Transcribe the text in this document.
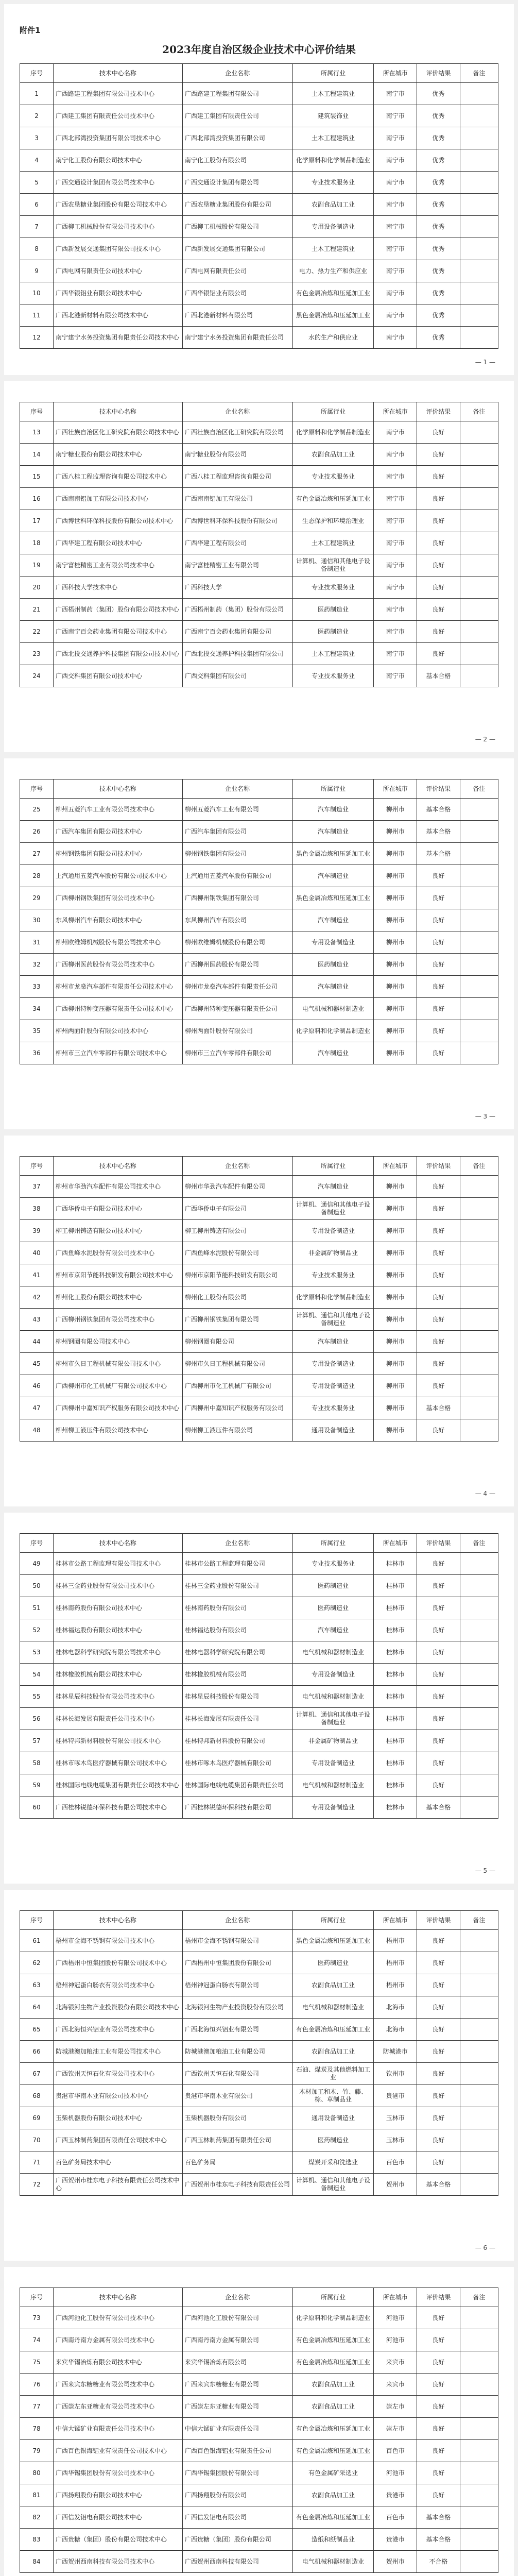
附件1
2023年度自治区级企业技术中心评价结果
序号	技术中心名称	企业名称	所属行业	所在城市	评价结果	备注
1	广西路建工程集团有限公司技术中心	广西路建工程集团有限公司	土木工程建筑业	南宁市	优秀	
2	广西建工集团有限责任公司技术中心	广西建工集团有限责任公司	建筑装饰业	南宁市	优秀	
3	广西北部湾投资集团有限公司技术中心	广西北部湾投资集团有限公司	土木工程建筑业	南宁市	优秀	
4	南宁化工股份有限公司技术中心	南宁化工股份有限公司	化学原料和化学制品制造业	南宁市	优秀	
5	广西交通设计集团有限公司技术中心	广西交通设计集团有限公司	专业技术服务业	南宁市	优秀	
6	广西农垦糖业集团股份有限公司技术中心	广西农垦糖业集团股份有限公司	农副食品加工业	南宁市	优秀	
7	广西柳工机械股份有限公司技术中心	广西柳工机械股份有限公司	专用设备制造业	南宁市	优秀	
8	广西新发展交通集团有限公司技术中心	广西新发展交通集团有限公司	土木工程建筑业	南宁市	优秀	
9	广西电网有限责任公司技术中心	广西电网有限责任公司	电力、热力生产和供应业	南宁市	优秀	
10	广西华银铝业有限公司技术中心	广西华银铝业有限公司	有色金属冶炼和压延加工业	南宁市	优秀	
11	广西北港新材料有限公司技术中心	广西北港新材料有限公司	黑色金属冶炼和压延加工业	南宁市	优秀	
12	南宁建宁水务投资集团有限责任公司技术中心	南宁建宁水务投资集团有限责任公司	水的生产和供应业	南宁市	优秀	
— 1 —
序号	技术中心名称	企业名称	所属行业	所在城市	评价结果	备注
13	广西壮族自治区化工研究院有限公司技术中心	广西壮族自治区化工研究院有限公司	化学原料和化学制品制造业	南宁市	良好	
14	南宁糖业股份有限公司技术中心	南宁糖业股份有限公司	农副食品加工业	南宁市	良好	
15	广西八桂工程监理咨询有限公司技术中心	广西八桂工程监理咨询有限公司	专业技术服务业	南宁市	良好	
16	广西南南铝加工有限公司技术中心	广西南南铝加工有限公司	有色金属冶炼和压延加工业	南宁市	良好	
17	广西博世科环保科技股份有限公司技术中心	广西博世科环保科技股份有限公司	生态保护和环境治理业	南宁市	良好	
18	广西华建工程有限公司技术中心	广西华建工程有限公司	土木工程建筑业	南宁市	良好	
19	南宁富桂精密工业有限公司技术中心	南宁富桂精密工业有限公司	计算机、通信和其他电子设备制造业	南宁市	良好	
20	广西科技大学技术中心	广西科技大学	专业技术服务业	南宁市	良好	
21	广西梧州制药（集团）股份有限公司技术中心	广西梧州制药（集团）股份有限公司	医药制造业	南宁市	良好	
22	广西南宁百会药业集团有限公司技术中心	广西南宁百会药业集团有限公司	医药制造业	南宁市	良好	
23	广西北投交通养护科技集团有限公司技术中心	广西北投交通养护科技集团有限公司	土木工程建筑业	南宁市	良好	
24	广西交科集团有限公司技术中心	广西交科集团有限公司	专业技术服务业	南宁市	基本合格	
— 2 —
序号	技术中心名称	企业名称	所属行业	所在城市	评价结果	备注
25	柳州五菱汽车工业有限公司技术中心	柳州五菱汽车工业有限公司	汽车制造业	柳州市	基本合格	
26	广西汽车集团有限公司技术中心	广西汽车集团有限公司	汽车制造业	柳州市	基本合格	
27	柳州钢铁集团有限公司技术中心	柳州钢铁集团有限公司	黑色金属冶炼和压延加工业	柳州市	基本合格	
28	上汽通用五菱汽车股份有限公司技术中心	上汽通用五菱汽车股份有限公司	汽车制造业	柳州市	良好	
29	广西柳州钢铁集团有限公司技术中心	广西柳州钢铁集团有限公司	黑色金属冶炼和压延加工业	柳州市	良好	
30	东风柳州汽车有限公司技术中心	东风柳州汽车有限公司	汽车制造业	柳州市	良好	
31	柳州欧维姆机械股份有限公司技术中心	柳州欧维姆机械股份有限公司	专用设备制造业	柳州市	良好	
32	广西柳州医药股份有限公司技术中心	广西柳州医药股份有限公司	医药制造业	柳州市	良好	
33	柳州市龙燊汽车部件有限责任公司技术中心	柳州市龙燊汽车部件有限责任公司	汽车制造业	柳州市	良好	
34	广西柳州特种变压器有限责任公司技术中心	广西柳州特种变压器有限责任公司	电气机械和器材制造业	柳州市	良好	
35	柳州两面针股份有限公司技术中心	柳州两面针股份有限公司	化学原料和化学制品制造业	柳州市	良好	
36	柳州市三立汽车零部件有限公司技术中心	柳州市三立汽车零部件有限公司	汽车制造业	柳州市	良好	
— 3 —
序号	技术中心名称	企业名称	所属行业	所在城市	评价结果	备注
37	柳州市华劲汽车配件有限公司技术中心	柳州市华劲汽车配件有限公司	汽车制造业	柳州市	良好	
38	广西华侨电子有限公司技术中心	广西华侨电子有限公司	计算机、通信和其他电子设备制造业	柳州市	良好	
39	柳工柳州铸造有限公司技术中心	柳工柳州铸造有限公司	专用设备制造业	柳州市	良好	
40	广西鱼峰水泥股份有限公司技术中心	广西鱼峰水泥股份有限公司	非金属矿物制品业	柳州市	良好	
41	柳州市京阳节能科技研发有限公司技术中心	柳州市京阳节能科技研发有限公司	专业技术服务业	柳州市	良好	
42	柳州化工股份有限公司技术中心	柳州化工股份有限公司	化学原料和化学制品制造业	柳州市	良好	
43	广西柳州钢铁集团有限公司技术中心	广西柳州钢铁集团有限公司	计算机、通信和其他电子设备制造业	柳州市	良好	
44	柳州钢圈有限公司技术中心	柳州钢圈有限公司	汽车制造业	柳州市	良好	
45	柳州市久日工程机械有限公司技术中心	柳州市久日工程机械有限公司	专用设备制造业	柳州市	良好	
46	广西柳州市化工机械厂有限公司技术中心	广西柳州市化工机械厂有限公司	专用设备制造业	柳州市	良好	
47	广西柳州中嘉知识产权服务有限公司技术中心	广西柳州中嘉知识产权服务有限公司	专业技术服务业	柳州市	基本合格	
48	柳州柳工液压件有限公司技术中心	柳州柳工液压件有限公司	通用设备制造业	柳州市	良好	
— 4 —
序号	技术中心名称	企业名称	所属行业	所在城市	评价结果	备注
49	桂林市公路工程监理有限公司技术中心	桂林市公路工程监理有限公司	专业技术服务业	桂林市	良好	
50	桂林三金药业股份有限公司技术中心	桂林三金药业股份有限公司	医药制造业	桂林市	良好	
51	桂林南药股份有限公司技术中心	桂林南药股份有限公司	医药制造业	桂林市	良好	
52	桂林福达股份有限公司技术中心	桂林福达股份有限公司	汽车制造业	桂林市	良好	
53	桂林电器科学研究院有限公司技术中心	桂林电器科学研究院有限公司	电气机械和器材制造业	桂林市	良好	
54	桂林橡胶机械有限公司技术中心	桂林橡胶机械有限公司	专用设备制造业	桂林市	良好	
55	桂林星辰科技股份有限公司技术中心	桂林星辰科技股份有限公司	电气机械和器材制造业	桂林市	良好	
56	桂林长海发展有限责任公司技术中心	桂林长海发展有限责任公司	计算机、通信和其他电子设备制造业	桂林市	良好	
57	桂林特邦新材料股份有限公司技术中心	桂林特邦新材料股份有限公司	非金属矿物制品业	桂林市	良好	
58	桂林市啄木鸟医疗器械有限公司技术中心	桂林市啄木鸟医疗器械有限公司	专用设备制造业	桂林市	良好	
59	桂林国际电线电缆集团有限责任公司技术中心	桂林国际电线电缆集团有限责任公司	电气机械和器材制造业	桂林市	良好	
60	广西桂林锐德环保科技有限公司技术中心	广西桂林锐德环保科技有限公司	专用设备制造业	桂林市	基本合格	
— 5 —
序号	技术中心名称	企业名称	所属行业	所在城市	评价结果	备注
61	梧州市金海不锈钢有限公司技术中心	梧州市金海不锈钢有限公司	黑色金属冶炼和压延加工业	梧州市	良好	
62	广西梧州中恒集团股份有限公司技术中心	广西梧州中恒集团股份有限公司	医药制造业	梧州市	良好	
63	梧州神冠蛋白肠衣有限公司技术中心	梧州神冠蛋白肠衣有限公司	农副食品加工业	梧州市	良好	
64	北海银河生物产业投资股份有限公司技术中心	北海银河生物产业投资股份有限公司	电气机械和器材制造业	北海市	良好	
65	广西北海恒兴铝业有限公司技术中心	广西北海恒兴铝业有限公司	有色金属冶炼和压延加工业	北海市	良好	
66	防城港澳加粮油工业有限公司技术中心	防城港澳加粮油工业有限公司	农副食品加工业	防城港市	良好	
67	广西钦州天恒石化有限公司技术中心	广西钦州天恒石化有限公司	石油、煤炭及其他燃料加工业	钦州市	良好	
68	贵港市华南木业有限公司技术中心	贵港市华南木业有限公司	木材加工和木、竹、藤、棕、草制品业	贵港市	良好	
69	玉柴机器股份有限公司技术中心	玉柴机器股份有限公司	通用设备制造业	玉林市	良好	
70	广西玉林制药集团有限责任公司技术中心	广西玉林制药集团有限责任公司	医药制造业	玉林市	良好	
71	百色矿务局技术中心	百色矿务局	煤炭开采和洗选业	百色市	良好	
72	广西贺州市桂东电子科技有限责任公司技术中心	广西贺州市桂东电子科技有限责任公司	计算机、通信和其他电子设备制造业	贺州市	基本合格	
— 6 —
序号	技术中心名称	企业名称	所属行业	所在城市	评价结果	备注
73	广西河池化工股份有限公司技术中心	广西河池化工股份有限公司	化学原料和化学制品制造业	河池市	良好	
74	广西南丹南方金属有限公司技术中心	广西南丹南方金属有限公司	有色金属冶炼和压延加工业	河池市	良好	
75	来宾华锡冶炼有限公司技术中心	来宾华锡冶炼有限公司	有色金属冶炼和压延加工业	来宾市	良好	
76	广西来宾东糖糖业有限公司技术中心	广西来宾东糖糖业有限公司	农副食品加工业	来宾市	良好	
77	广西崇左东亚糖业有限公司技术中心	广西崇左东亚糖业有限公司	农副食品加工业	崇左市	良好	
78	中信大锰矿业有限责任公司技术中心	中信大锰矿业有限责任公司	有色金属冶炼和压延加工业	崇左市	良好	
79	广西百色银海铝业有限责任公司技术中心	广西百色银海铝业有限责任公司	有色金属冶炼和压延加工业	百色市	良好	
80	广西华锡集团股份有限公司技术中心	广西华锡集团股份有限公司	有色金属矿采选业	河池市	良好	
81	广西扬翔股份有限公司技术中心	广西扬翔股份有限公司	农副食品加工业	贵港市	良好	
82	广西信发铝电有限公司技术中心	广西信发铝电有限公司	有色金属冶炼和压延加工业	百色市	基本合格	
83	广西贵糖（集团）股份有限公司技术中心	广西贵糖（集团）股份有限公司	造纸和纸制品业	贵港市	基本合格	
84	广西贺州西南科技有限公司技术中心	广西贺州西南科技有限公司	电气机械和器材制造业	贺州市	不合格	
